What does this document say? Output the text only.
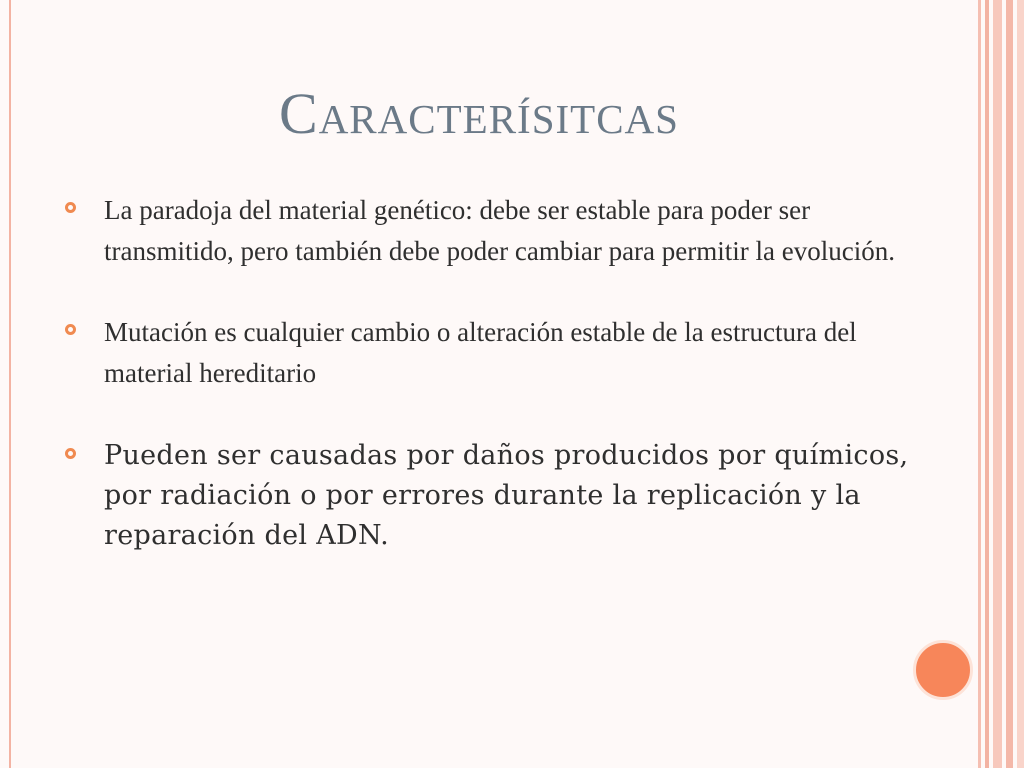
Caracterísitcas
La paradoja del material genético: debe ser estable para poder ser transmitido, pero también debe poder cambiar para permitir la evolución.
Mutación es cualquier cambio o alteración estable de la estructura del material hereditario
Pueden ser causadas por daños producidos por químicos, por radiación o por errores durante la replicación y la reparación del ADN.
